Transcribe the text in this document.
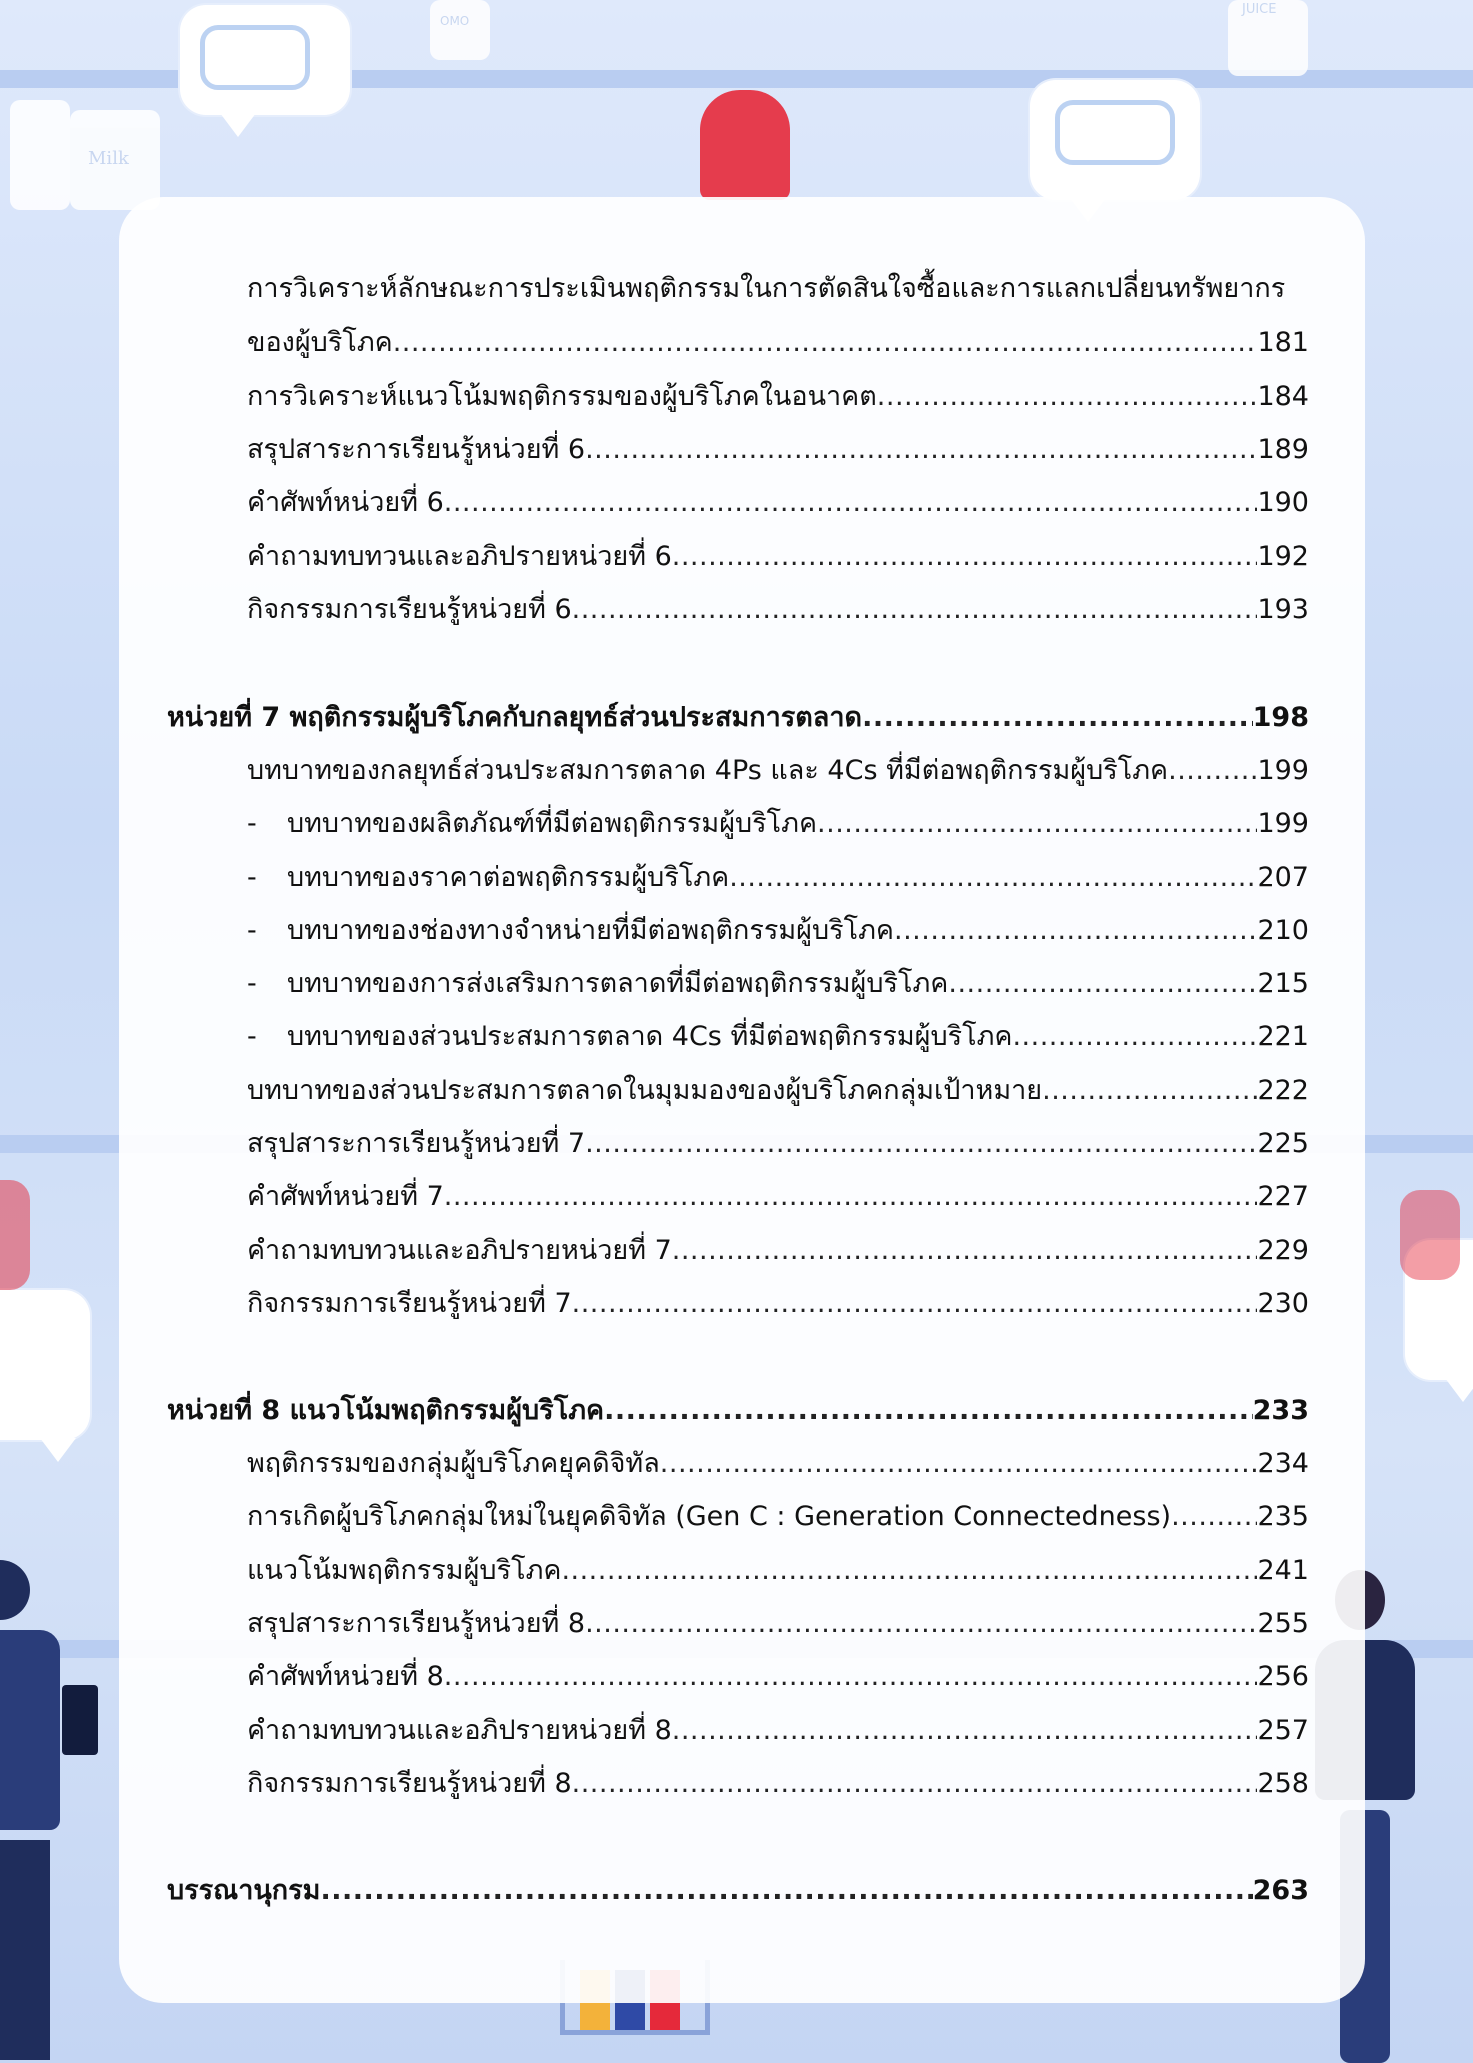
Milk
OMO
JUICE
การวิเคราะห์ลักษณะการประเมินพฤติกรรมในการตัดสินใจซื้อและการแลกเปลี่ยนทรัพยากร
ของผู้บริโภค .....	181
การวิเคราะห์แนวโน้มพฤติกรรมของผู้บริโภคในอนาคต .....	184
สรุปสาระการเรียนรู้หน่วยที่ 6 .....	189
คำศัพท์หน่วยที่ 6 .....	190
คำถามทบทวนและอภิปรายหน่วยที่ 6 .....	192
กิจกรรมการเรียนรู้หน่วยที่ 6 .....	193
หน่วยที่ 7 พฤติกรรมผู้บริโภคกับกลยุทธ์ส่วนประสมการตลาด .....	198
บทบาทของกลยุทธ์ส่วนประสมการตลาด 4Ps และ 4Cs ที่มีต่อพฤติกรรมผู้บริโภค .....	199
-	บทบาทของผลิตภัณฑ์ที่มีต่อพฤติกรรมผู้บริโภค .....	199
-	บทบาทของราคาต่อพฤติกรรมผู้บริโภค .....	207
-	บทบาทของช่องทางจำหน่ายที่มีต่อพฤติกรรมผู้บริโภค .....	210
-	บทบาทของการส่งเสริมการตลาดที่มีต่อพฤติกรรมผู้บริโภค .....	215
-	บทบาทของส่วนประสมการตลาด 4Cs ที่มีต่อพฤติกรรมผู้บริโภค .....	221
บทบาทของส่วนประสมการตลาดในมุมมองของผู้บริโภคกลุ่มเป้าหมาย .....	222
สรุปสาระการเรียนรู้หน่วยที่ 7 .....	225
คำศัพท์หน่วยที่ 7 .....	227
คำถามทบทวนและอภิปรายหน่วยที่ 7 .....	229
กิจกรรมการเรียนรู้หน่วยที่ 7 .....	230
หน่วยที่ 8 แนวโน้มพฤติกรรมผู้บริโภค .....	233
พฤติกรรมของกลุ่มผู้บริโภคยุคดิจิทัล .....	234
การเกิดผู้บริโภคกลุ่มใหม่ในยุคดิจิทัล (Gen C : Generation Connectedness) .....	235
แนวโน้มพฤติกรรมผู้บริโภค .....	241
สรุปสาระการเรียนรู้หน่วยที่ 8 .....	255
คำศัพท์หน่วยที่ 8 .....	256
คำถามทบทวนและอภิปรายหน่วยที่ 8 .....	257
กิจกรรมการเรียนรู้หน่วยที่ 8 .....	258
บรรณานุกรม .....	263
